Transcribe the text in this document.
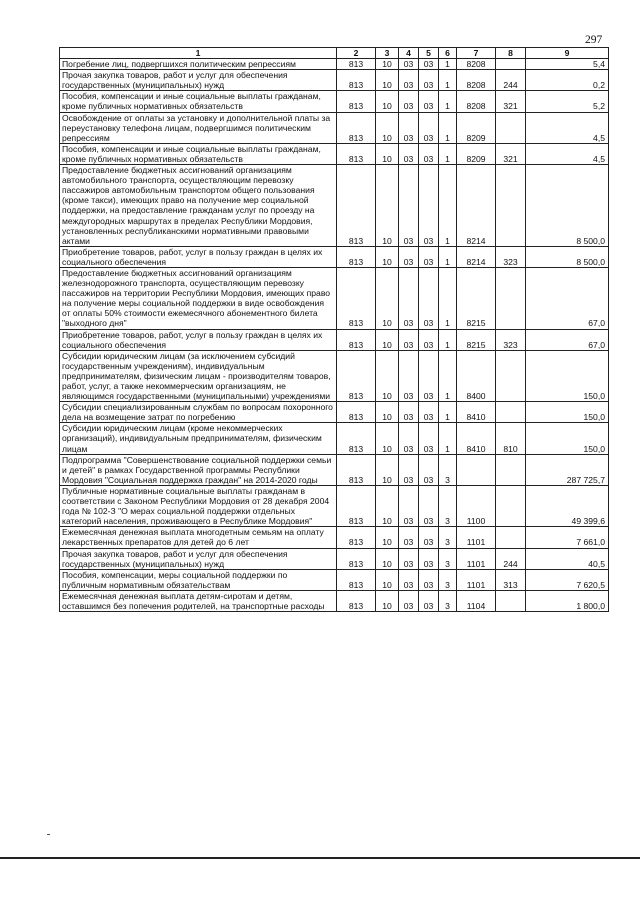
297
1	2	3	4	5	6	7	8	9
Погребение лиц, подвергшихся политическим репрессиям	813	10	03	03	1	8208		5,4
Прочая закупка товаров, работ и услуг для обеспечения государственных (муниципальных) нужд	813	10	03	03	1	8208	244	0,2
Пособия, компенсации и иные социальные выплаты гражданам, кроме публичных нормативных обязательств	813	10	03	03	1	8208	321	5,2
Освобождение от оплаты за установку и дополнительной платы за переустановку телефона лицам, подвергшимся политическим репрессиям	813	10	03	03	1	8209		4,5
Пособия, компенсации и иные социальные выплаты гражданам, кроме публичных нормативных обязательств	813	10	03	03	1	8209	321	4,5
Предоставление бюджетных ассигнований организациям автомобильного транспорта, осуществляющим перевозку пассажиров автомобильным транспортом общего пользования (кроме такси), имеющих право на получение мер социальной поддержки, на предоставление гражданам услуг по проезду на междугородных маршрутах в пределах Республики Мордовия, установленных республиканскими нормативными правовыми актами	813	10	03	03	1	8214		8 500,0
Приобретение товаров, работ, услуг в пользу граждан в целях их социального обеспечения	813	10	03	03	1	8214	323	8 500,0
Предоставление бюджетных ассигнований организациям железнодорожного транспорта, осуществляющим перевозку пассажиров на территории Республики Мордовия, имеющих право на получение меры социальной поддержки в виде освобождения от оплаты 50% стоимости ежемесячного абонементного билета "выходного дня"	813	10	03	03	1	8215		67,0
Приобретение товаров, работ, услуг в пользу граждан в целях их социального обеспечения	813	10	03	03	1	8215	323	67,0
Субсидии юридическим лицам (за исключением субсидий государственным учреждениям), индивидуальным предпринимателям, физическим лицам - производителям товаров, работ, услуг, а также некоммерческим организациям, не являющимся государственными (муниципальными) учреждениями	813	10	03	03	1	8400		150,0
Субсидии специализированным службам по вопросам похоронного дела на возмещение затрат по погребению	813	10	03	03	1	8410		150,0
Субсидии юридическим лицам (кроме некоммерческих организаций), индивидуальным предпринимателям, физическим лицам	813	10	03	03	1	8410	810	150,0
Подпрограмма "Совершенствование социальной поддержки семьи и детей" в рамках Государственной программы Республики Мордовия "Социальная поддержка граждан" на 2014-2020 годы	813	10	03	03	3			287 725,7
Публичные нормативные социальные выплаты гражданам в соответствии с Законом Республики Мордовия от 28 декабря 2004 года № 102-З "О мерах социальной поддержки отдельных категорий населения, проживающего в Республике Мордовия"	813	10	03	03	3	1100		49 399,6
Ежемесячная денежная выплата многодетным семьям на оплату лекарственных препаратов для детей до 6 лет	813	10	03	03	3	1101		7 661,0
Прочая закупка товаров, работ и услуг для обеспечения государственных (муниципальных) нужд	813	10	03	03	3	1101	244	40,5
Пособия, компенсации, меры социальной поддержки по публичным нормативным обязательствам	813	10	03	03	3	1101	313	7 620,5
Ежемесячная денежная выплата детям-сиротам и детям, оставшимся без попечения родителей, на транспортные расходы	813	10	03	03	3	1104		1 800,0
